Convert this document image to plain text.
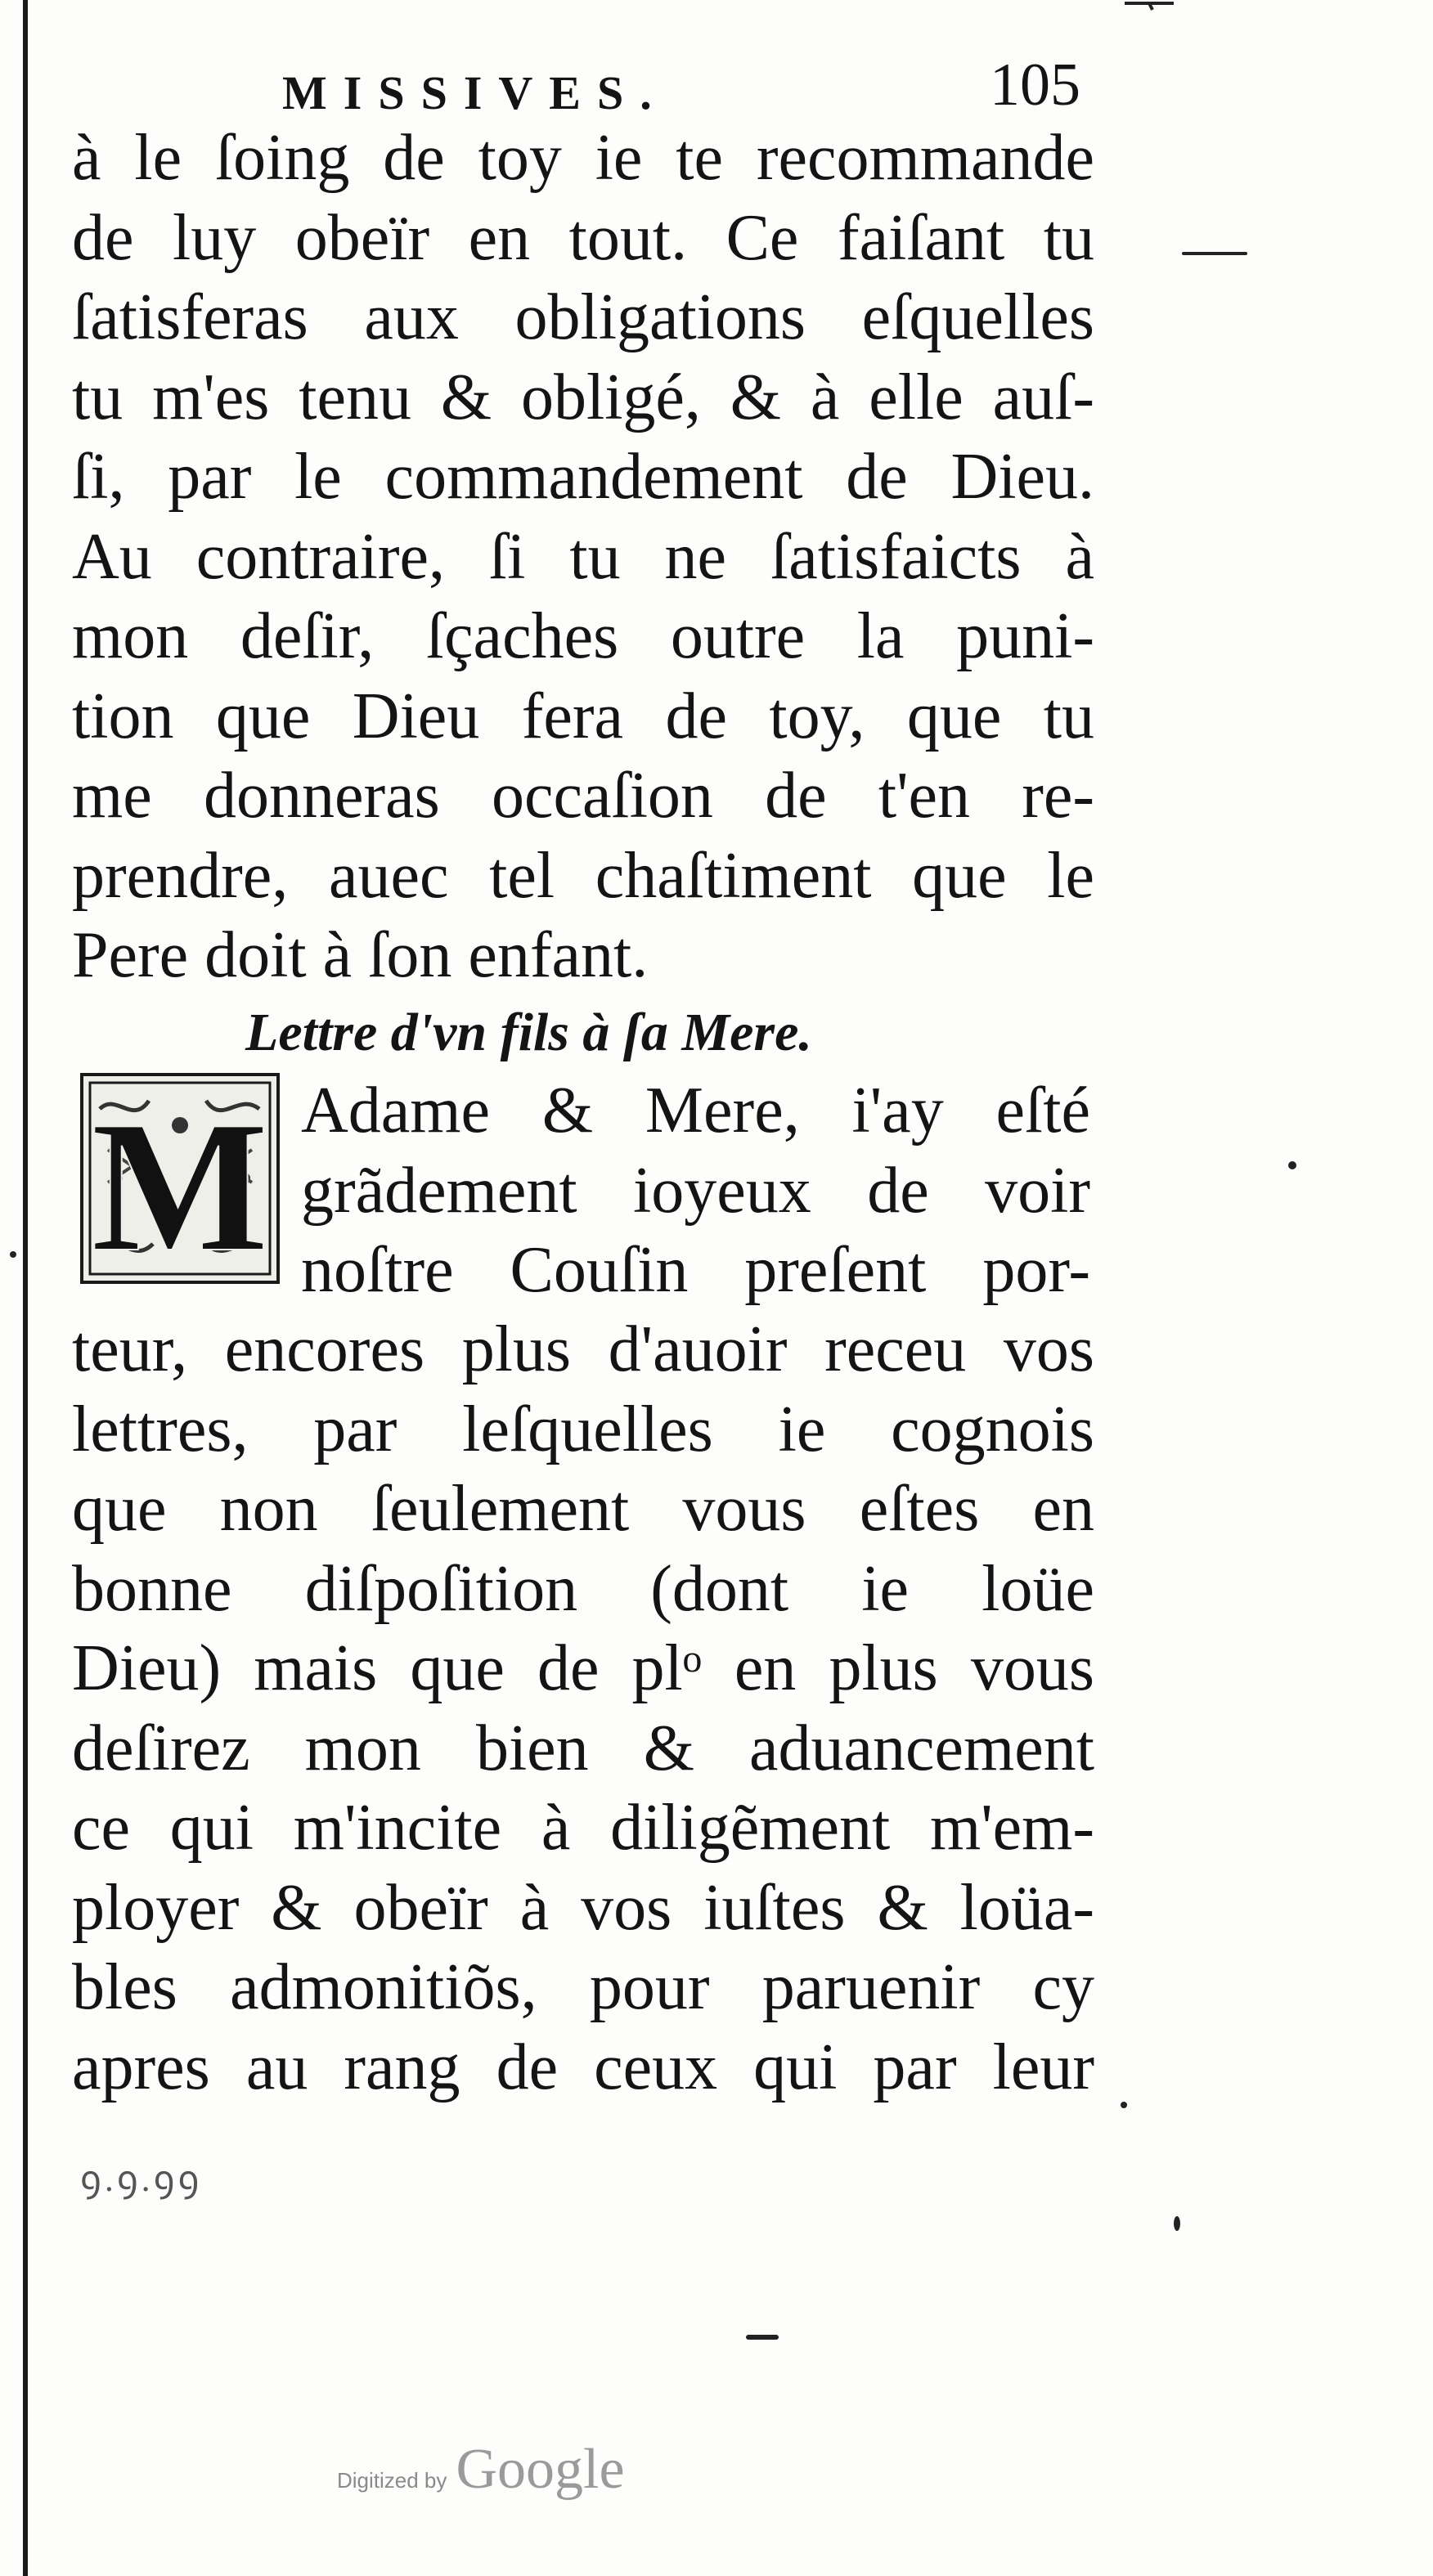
MISSIVES.	105
à le ſoing de toy ie te recommande
de luy obeïr en tout. Ce faiſant tu
ſatisferas aux obligations eſquelles
tu m'es tenu & obligé, & à elle auſ-
ſi, par le commandement de Dieu.
Au contraire, ſi tu ne ſatisfaicts à
mon deſir, ſçaches outre la puni-
tion que Dieu fera de toy, que tu
me donneras occaſion de t'en re-
prendre, auec tel chaſtiment que le
Pere doit à ſon enfant.
Lettre d'vn fils à ſa Mere.
M Adame & Mere, i'ay eſté
grãdement ioyeux de voir
noſtre Couſin preſent por-
teur, encores plus d'auoir receu vos
lettres, par leſquelles ie cognois
que non ſeulement vous eſtes en
bonne diſpoſition (dont ie loüe
Dieu) mais que de plᵒ en plus vous
deſirez mon bien & aduancement
ce qui m'incite à diligẽment m'em-
ployer & obeïr à vos iuſtes & loüa-
bles admonitiõs, pour paruenir cy
apres au rang de ceux qui par leur
ꝯ.ꝯ.ꝯꝯ
Digitized by Google
